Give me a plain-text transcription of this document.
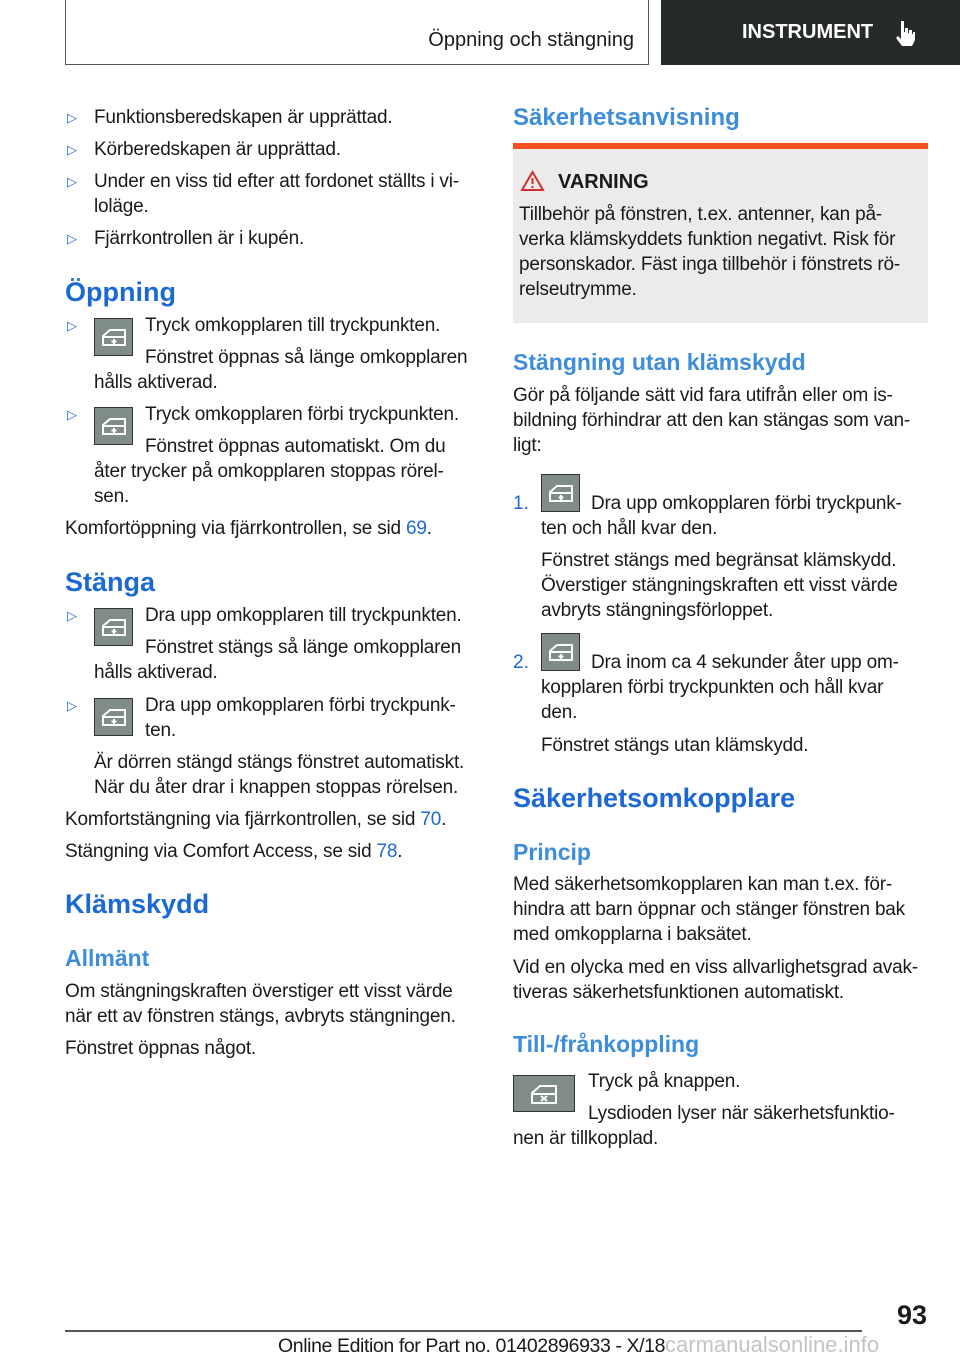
Öppning och stängning	INSTRUMENT
▷ Funktionsberedskapen är upprättad.
▷ Körberedskapen är upprättad.
▷ Under en viss tid efter att fordonet ställts i vi-
loläge.
▷ Fjärrkontrollen är i kupén.
Öppning
▷	Tryck omkopplaren till tryckpunkten.
Fönstret öppnas så länge omkopplaren
hålls aktiverad.
▷	Tryck omkopplaren förbi tryckpunkten.
Fönstret öppnas automatiskt. Om du
åter trycker på omkopplaren stoppas rörel-
sen.
Komfortöppning via fjärrkontrollen, se sid 69.
Stänga
▷	Dra upp omkopplaren till tryckpunkten.
Fönstret stängs så länge omkopplaren
hålls aktiverad.
▷	Dra upp omkopplaren förbi tryckpunk-
ten.
Är dörren stängd stängs fönstret automatiskt.
När du åter drar i knappen stoppas rörelsen.
Komfortstängning via fjärrkontrollen, se sid 70.
Stängning via Comfort Access, se sid 78.
Klämskydd
Allmänt
Om stängningskraften överstiger ett visst värde
när ett av fönstren stängs, avbryts stängningen.
Fönstret öppnas något.
Säkerhetsanvisning
VARNING
Tillbehör på fönstren, t.ex. antenner, kan på-
verka klämskyddets funktion negativt. Risk för
personskador. Fäst inga tillbehör i fönstrets rö-
relseutrymme.
Stängning utan klämskydd
Gör på följande sätt vid fara utifrån eller om is-
bildning förhindrar att den kan stängas som van-
ligt:
1.	Dra upp omkopplaren förbi tryckpunk-
ten och håll kvar den.
Fönstret stängs med begränsat klämskydd.
Överstiger stängningskraften ett visst värde
avbryts stängningsförloppet.
2.	Dra inom ca 4 sekunder åter upp om-
kopplaren förbi tryckpunkten och håll kvar
den.
Fönstret stängs utan klämskydd.
Säkerhetsomkopplare
Princip
Med säkerhetsomkopplaren kan man t.ex. för-
hindra att barn öppnar och stänger fönstren bak
med omkopplarna i baksätet.
Vid en olycka med en viss allvarlighetsgrad avak-
tiveras säkerhetsfunktionen automatiskt.
Till-/frånkoppling
Tryck på knappen.
Lysdioden lyser när säkerhetsfunktio-
nen är tillkopplad.
93
Online Edition for Part no. 01402896933 - X/18carmanualsonline.info
